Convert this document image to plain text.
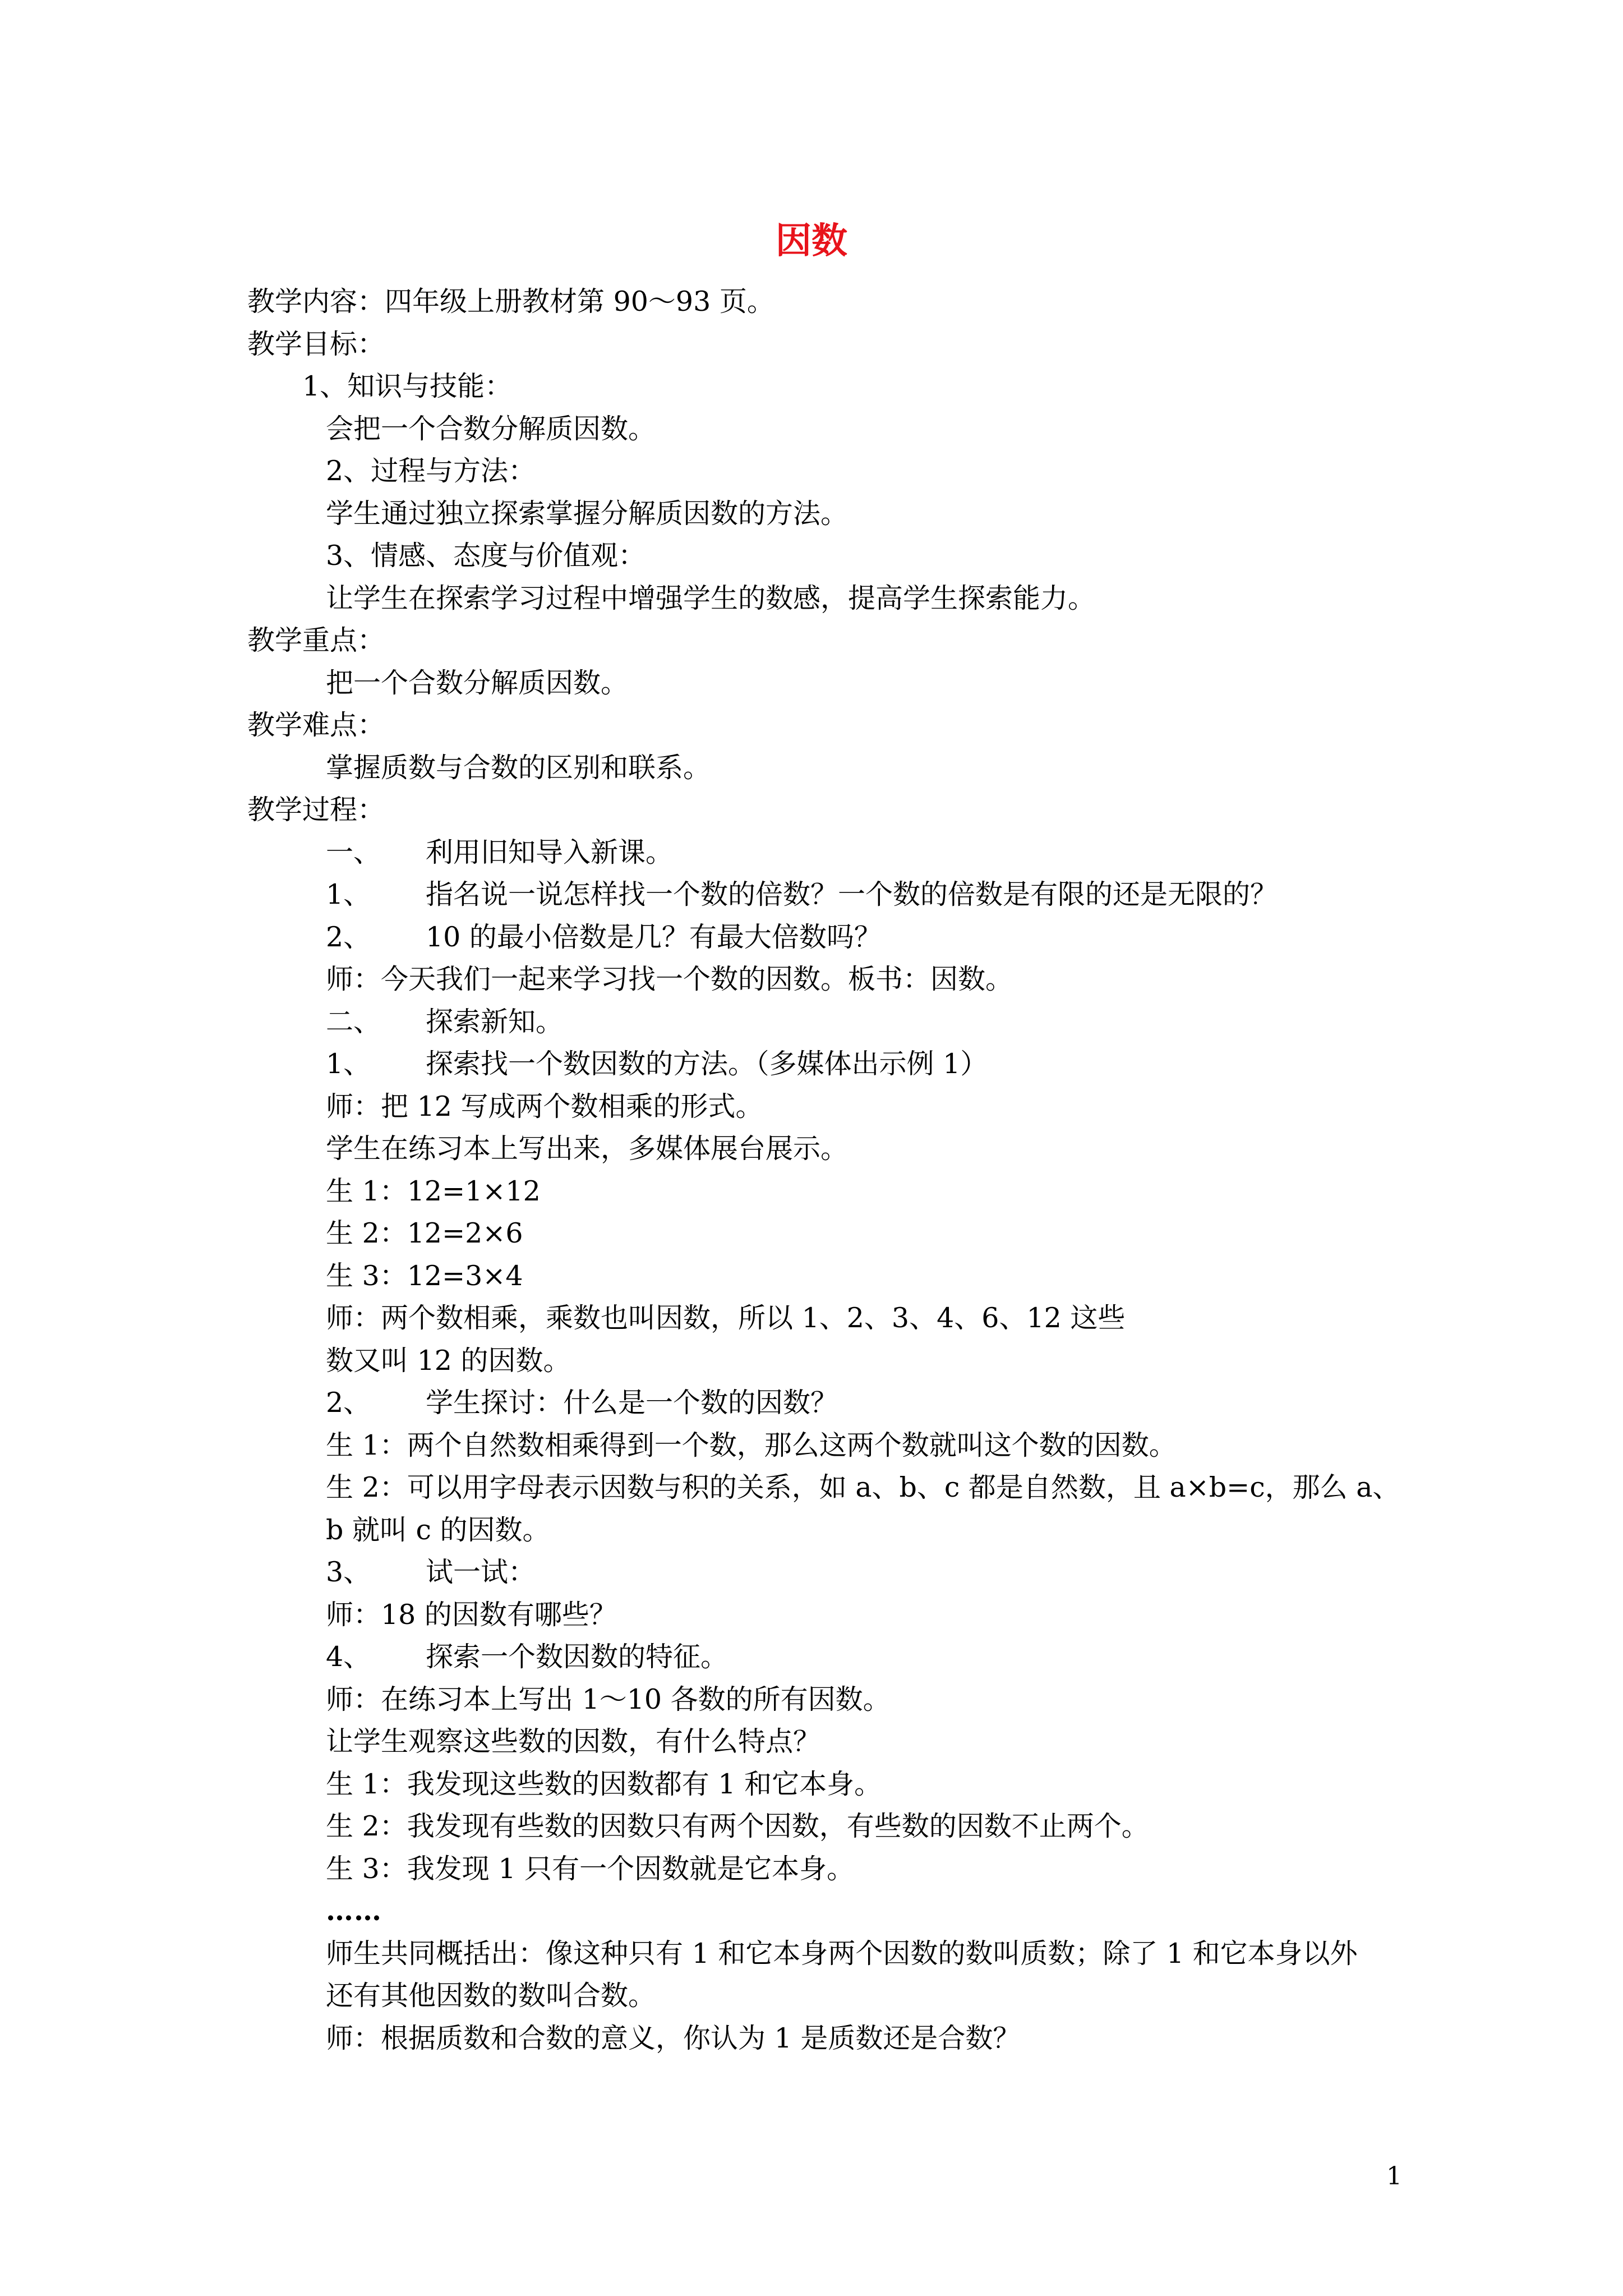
因数
教学内容：四年级上册教材第 90～93 页。
教学目标：
1、知识与技能：
会把一个合数分解质因数。
2、过程与方法：
学生通过独立探索掌握分解质因数的方法。
3、情感、态度与价值观：
让学生在探索学习过程中增强学生的数感，提高学生探索能力。
教学重点：
把一个合数分解质因数。
教学难点：
掌握质数与合数的区别和联系。
教学过程：
一、 利用旧知导入新课。
1、 指名说一说怎样找一个数的倍数？一个数的倍数是有限的还是无限的？
2、 10 的最小倍数是几？有最大倍数吗？
师：今天我们一起来学习找一个数的因数。板书：因数。
二、 探索新知。
1、 探索找一个数因数的方法。（多媒体出示例 1）
师：把 12 写成两个数相乘的形式。
学生在练习本上写出来，多媒体展台展示。
生 1：12=1×12
生 2：12=2×6
生 3：12=3×4
师：两个数相乘，乘数也叫因数，所以 1、2、3、4、6、12 这些
数又叫 12 的因数。
2、 学生探讨：什么是一个数的因数？
生 1：两个自然数相乘得到一个数，那么这两个数就叫这个数的因数。
生 2：可以用字母表示因数与积的关系，如 a、b、c 都是自然数，且 a×b=c，那么 a、
b 就叫 c 的因数。
3、 试一试：
师：18 的因数有哪些？
4、 探索一个数因数的特征。
师：在练习本上写出 1～10 各数的所有因数。
让学生观察这些数的因数，有什么特点？
生 1：我发现这些数的因数都有 1 和它本身。
生 2：我发现有些数的因数只有两个因数，有些数的因数不止两个。
生 3：我发现 1 只有一个因数就是它本身。
……
师生共同概括出：像这种只有 1 和它本身两个因数的数叫质数；除了 1 和它本身以外
还有其他因数的数叫合数。
师：根据质数和合数的意义，你认为 1 是质数还是合数？
1
